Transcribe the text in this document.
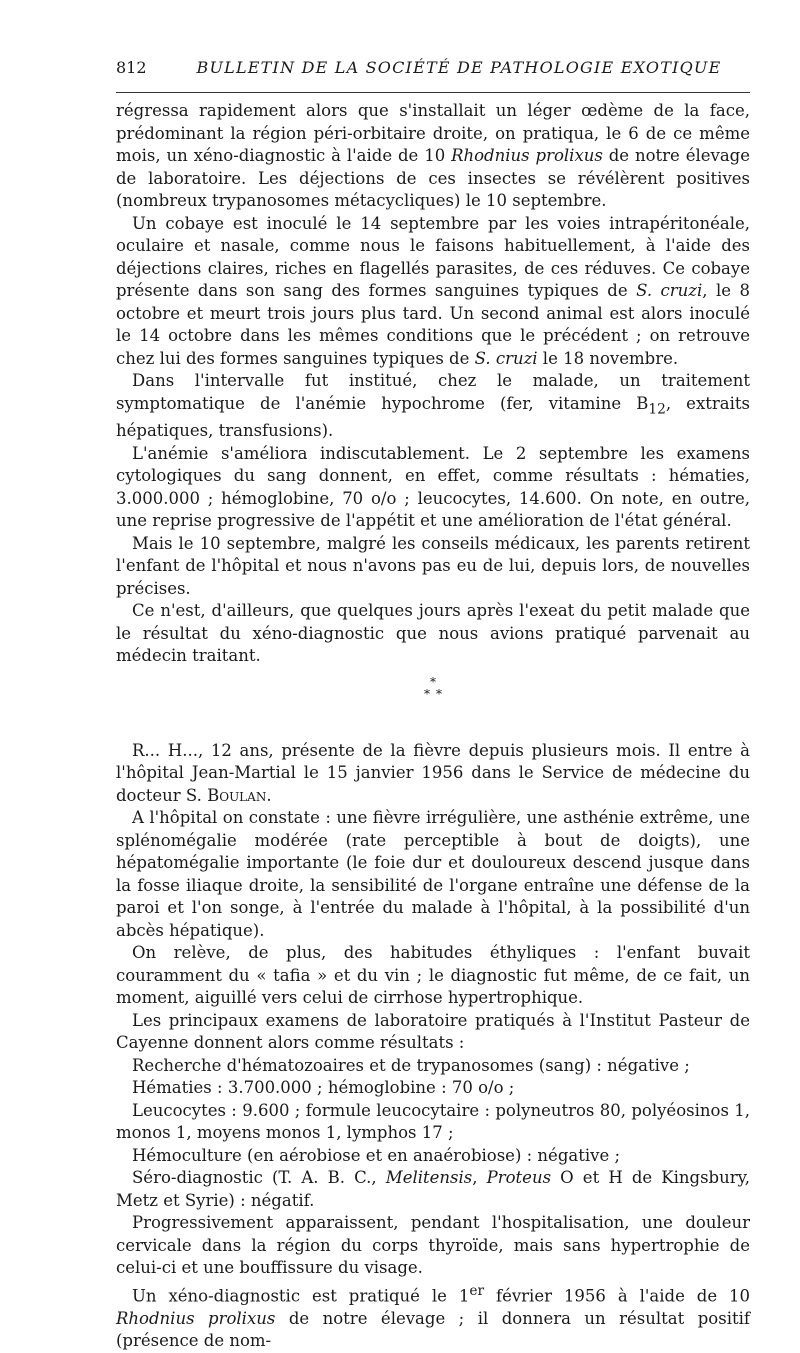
812	BULLETIN DE LA SOCIÉTÉ DE PATHOLOGIE EXOTIQUE

régressa rapidement alors que s'installait un léger œdème de la face, prédominant la région péri-orbitaire droite, on pratiqua, le 6 de ce même mois, un xéno-diagnostic à l'aide de 10 Rhodnius prolixus de notre élevage de laboratoire. Les déjections de ces insectes se révélèrent positives (nombreux trypanosomes métacycliques) le 10 septembre.

Un cobaye est inoculé le 14 septembre par les voies intrapéritonéale, oculaire et nasale, comme nous le faisons habituellement, à l'aide des déjections claires, riches en flagellés parasites, de ces réduves. Ce cobaye présente dans son sang des formes sanguines typiques de S. cruzi, le 8 octobre et meurt trois jours plus tard. Un second animal est alors inoculé le 14 octobre dans les mêmes conditions que le précédent ; on retrouve chez lui des formes sanguines typiques de S. cruzi le 18 novembre.

Dans l'intervalle fut institué, chez le malade, un traitement symptomatique de l'anémie hypochrome (fer, vitamine $B_{12}$, extraits hépatiques, transfusions).

L'anémie s'améliora indiscutablement. Le 2 septembre les examens cytologiques du sang donnent, en effet, comme résultats : hématies, 3.000.000 ; hémoglobine, 70 o/o ; leucocytes, 14.600. On note, en outre, une reprise progressive de l'appétit et une amélioration de l'état général.

Mais le 10 septembre, malgré les conseils médicaux, les parents retirent l'enfant de l'hôpital et nous n'avons pas eu de lui, depuis lors, de nouvelles précises.

Ce n'est, d'ailleurs, que quelques jours après l'exeat du petit malade que le résultat du xéno-diagnostic que nous avions pratiqué parvenait au médecin traitant.

*
* *

R... H..., 12 ans, présente de la fièvre depuis plusieurs mois. Il entre à l'hôpital Jean-Martial le 15 janvier 1956 dans le Service de médecine du docteur S. Boulan.

A l'hôpital on constate : une fièvre irrégulière, une asthénie extrême, une splénomégalie modérée (rate perceptible à bout de doigts), une hépatomégalie importante (le foie dur et douloureux descend jusque dans la fosse iliaque droite, la sensibilité de l'organe entraîne une défense de la paroi et l'on songe, à l'entrée du malade à l'hôpital, à la possibilité d'un abcès hépatique).

On relève, de plus, des habitudes éthyliques : l'enfant buvait couramment du « tafia » et du vin ; le diagnostic fut même, de ce fait, un moment, aiguillé vers celui de cirrhose hypertrophique.

Les principaux examens de laboratoire pratiqués à l'Institut Pasteur de Cayenne donnent alors comme résultats :

Recherche d'hématozoaires et de trypanosomes (sang) : négative ;

Hématies : 3.700.000 ; hémoglobine : 70 o/o ;

Leucocytes : 9.600 ; formule leucocytaire : polyneutros 80, polyéosinos 1, monos 1, moyens monos 1, lymphos 17 ;

Hémoculture (en aérobiose et en anaérobiose) : négative ;

Séro-diagnostic (T. A. B. C., Melitensis, Proteus O et H de Kingsbury, Metz et Syrie) : négatif.

Progressivement apparaissent, pendant l'hospitalisation, une douleur cervicale dans la région du corps thyroïde, mais sans hypertrophie de celui-ci et une bouffissure du visage.

Un xéno-diagnostic est pratiqué le 1er février 1956 à l'aide de 10 Rhodnius prolixus de notre élevage ; il donnera un résultat positif (présence de nom-
